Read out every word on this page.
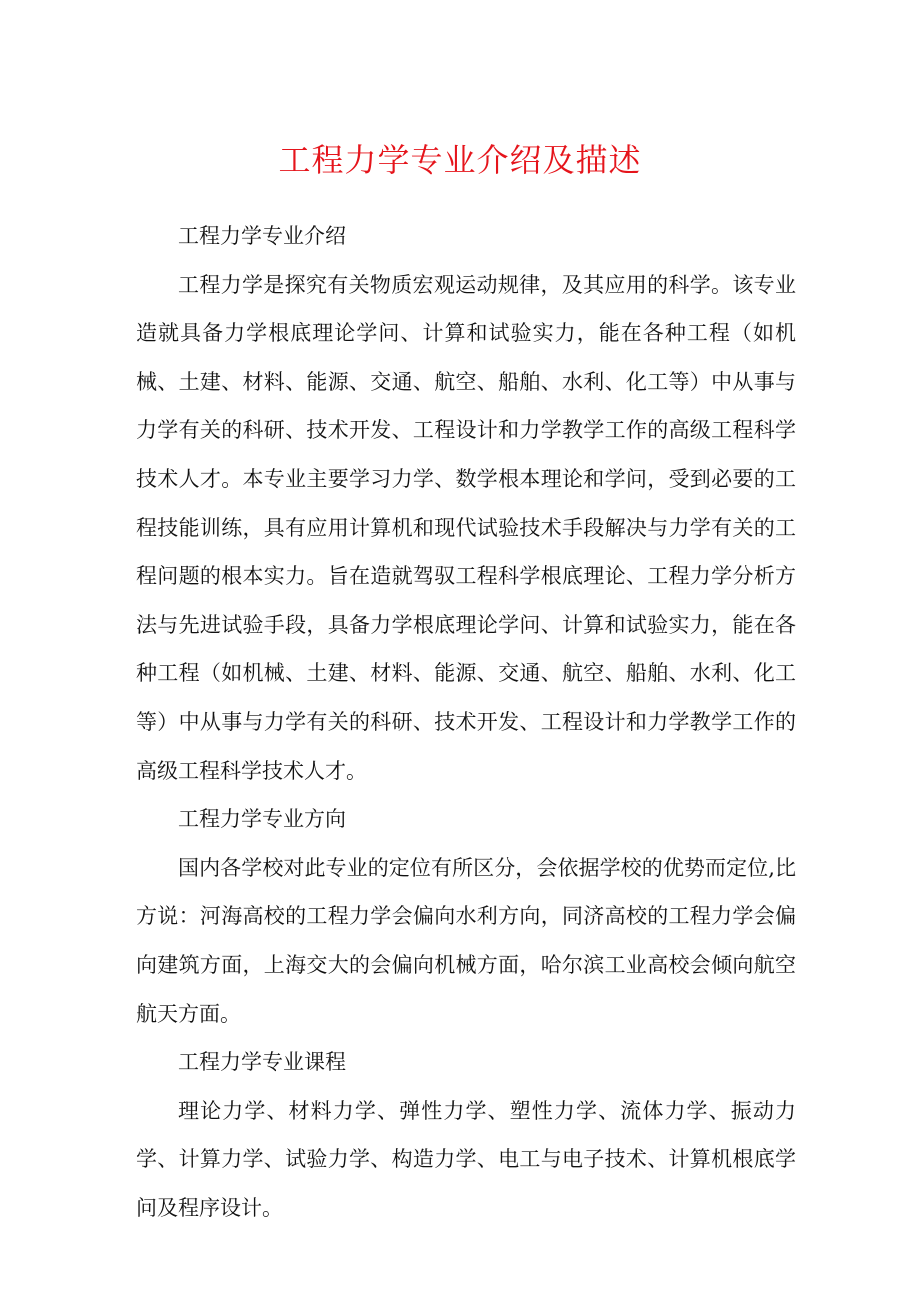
工程力学专业介绍及描述

工程力学专业介绍

工程力学是探究有关物质宏观运动规律，及其应用的科学。该专业造就具备力学根底理论学问、计算和试验实力，能在各种工程（如机械、土建、材料、能源、交通、航空、船舶、水利、化工等）中从事与力学有关的科研、技术开发、工程设计和力学教学工作的高级工程科学技术人才。本专业主要学习力学、数学根本理论和学问，受到必要的工程技能训练，具有应用计算机和现代试验技术手段解决与力学有关的工程问题的根本实力。旨在造就驾驭工程科学根底理论、工程力学分析方法与先进试验手段，具备力学根底理论学问、计算和试验实力，能在各种工程（如机械、土建、材料、能源、交通、航空、船舶、水利、化工等）中从事与力学有关的科研、技术开发、工程设计和力学教学工作的高级工程科学技术人才。

工程力学专业方向

国内各学校对此专业的定位有所区分，会依据学校的优势而定位,比方说：河海高校的工程力学会偏向水利方向，同济高校的工程力学会偏向建筑方面，上海交大的会偏向机械方面，哈尔滨工业高校会倾向航空航天方面。

工程力学专业课程

理论力学、材料力学、弹性力学、塑性力学、流体力学、振动力学、计算力学、试验力学、构造力学、电工与电子技术、计算机根底学问及程序设计。
